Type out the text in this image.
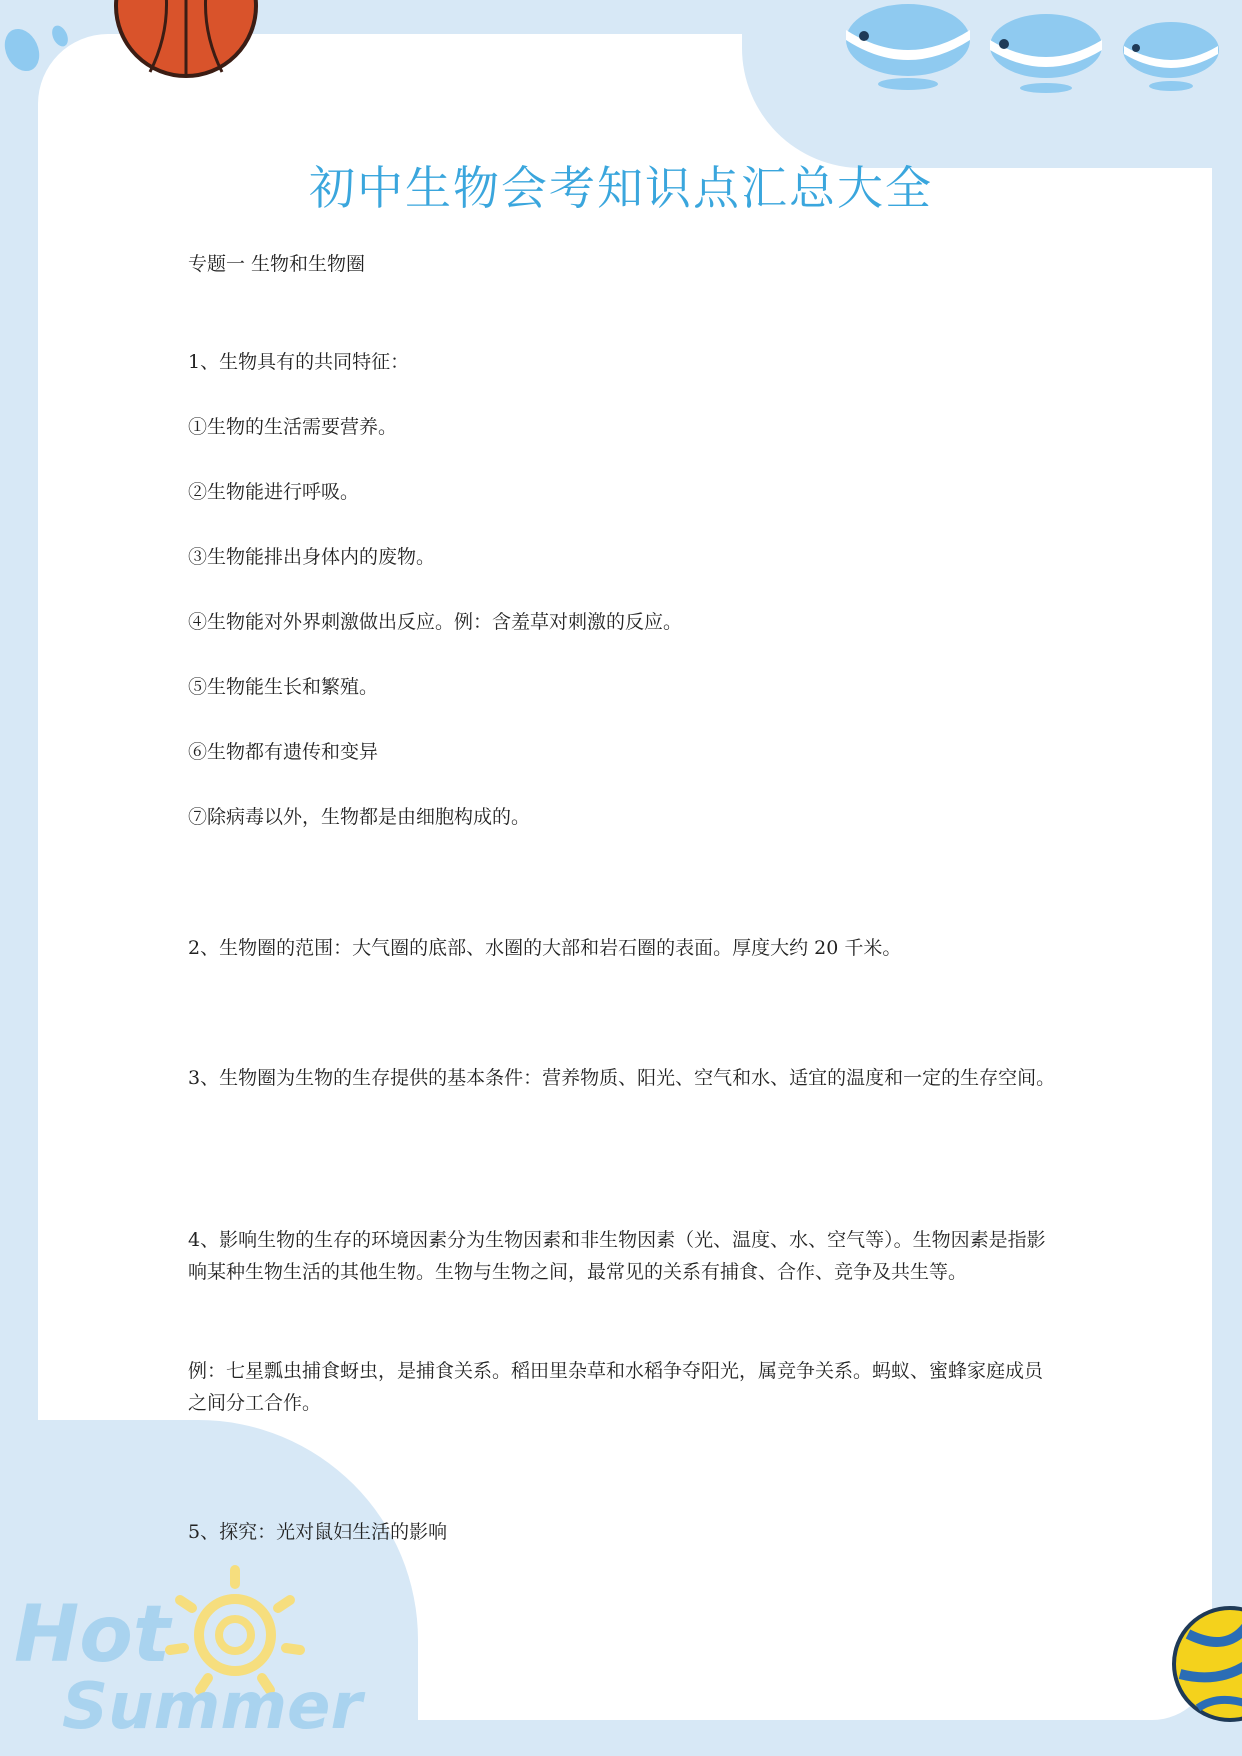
Hot
Summer
初中生物会考知识点汇总大全
专题一 生物和生物圈
1、生物具有的共同特征：
①生物的生活需要营养。
②生物能进行呼吸。
③生物能排出身体内的废物。
④生物能对外界刺激做出反应。例：含羞草对刺激的反应。
⑤生物能生长和繁殖。
⑥生物都有遗传和变异
⑦除病毒以外，生物都是由细胞构成的。
2、生物圈的范围：大气圈的底部、水圈的大部和岩石圈的表面。厚度大约 20 千米。
3、生物圈为生物的生存提供的基本条件：营养物质、阳光、空气和水、适宜的温度和一定的生存空间。
4、影响生物的生存的环境因素分为生物因素和非生物因素（光、温度、水、空气等）。生物因素是指影响某种生物生活的其他生物。生物与生物之间，最常见的关系有捕食、合作、竞争及共生等。
例：七星瓢虫捕食蚜虫，是捕食关系。稻田里杂草和水稻争夺阳光，属竞争关系。蚂蚁、蜜蜂家庭成员之间分工合作。
5、探究：光对鼠妇生活的影响
